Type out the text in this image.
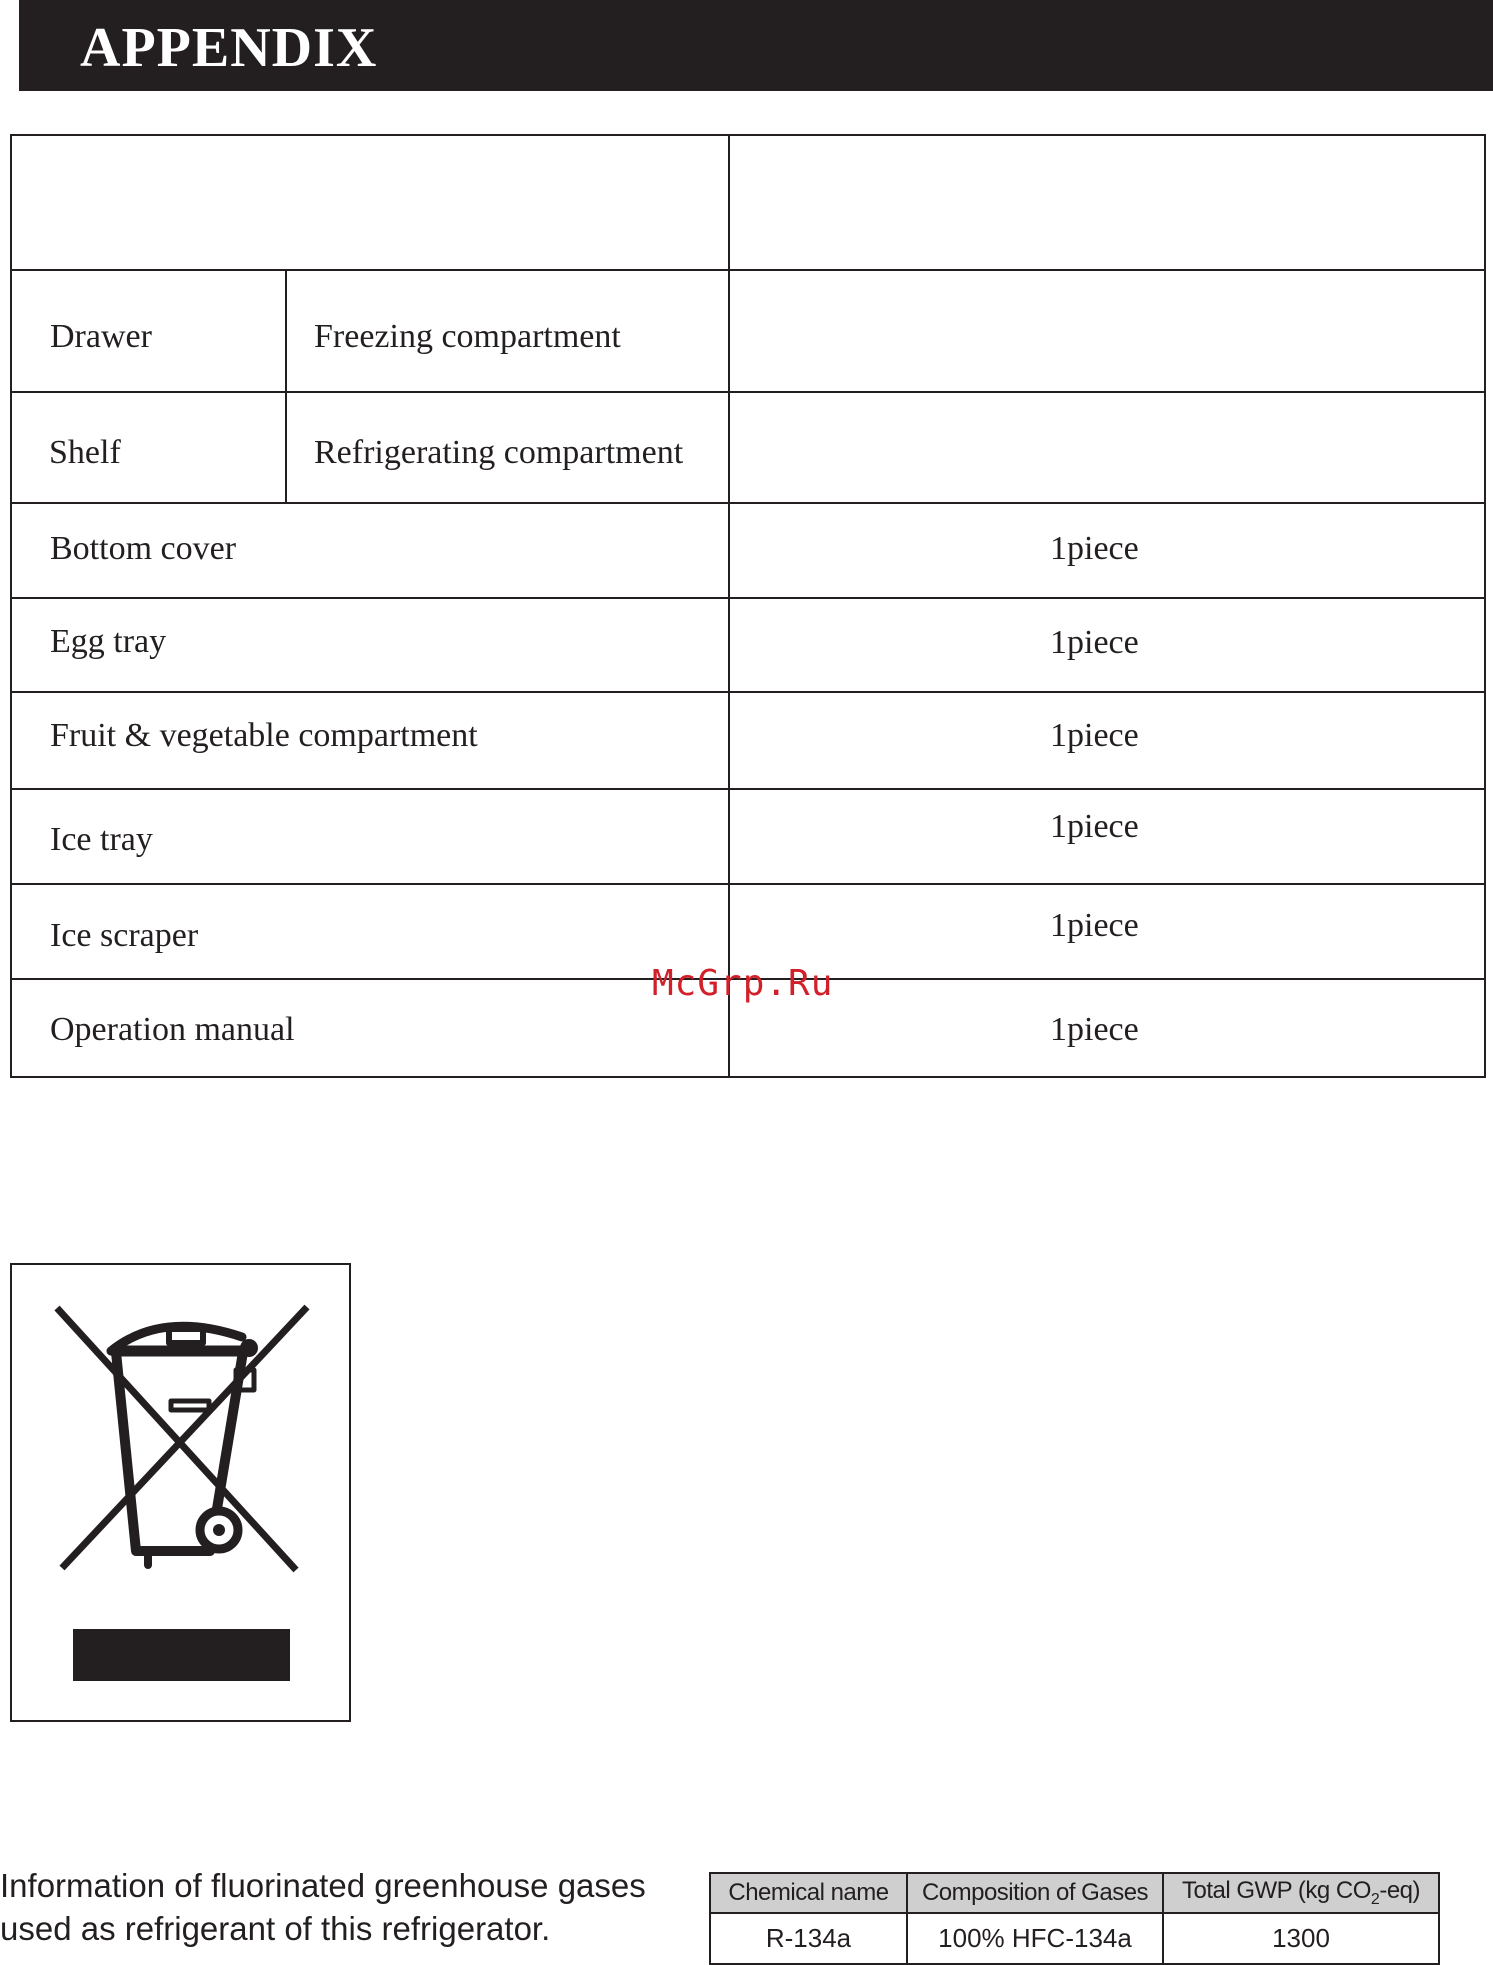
APPENDIX
Drawer	Freezing compartment
Shelf	Refrigerating compartment
Bottom cover	1piece
Egg tray	1piece
Fruit & vegetable compartment	1piece
Ice tray	1piece
Ice scraper	1piece
Operation manual	1piece
McGrp.Ru
Information of fluorinated greenhouse gases
used as refrigerant of this refrigerator.
Chemical name	Composition of Gases	Total GWP (kg $CO_2-eq$)
R-134a	100% HFC-134a	1300
